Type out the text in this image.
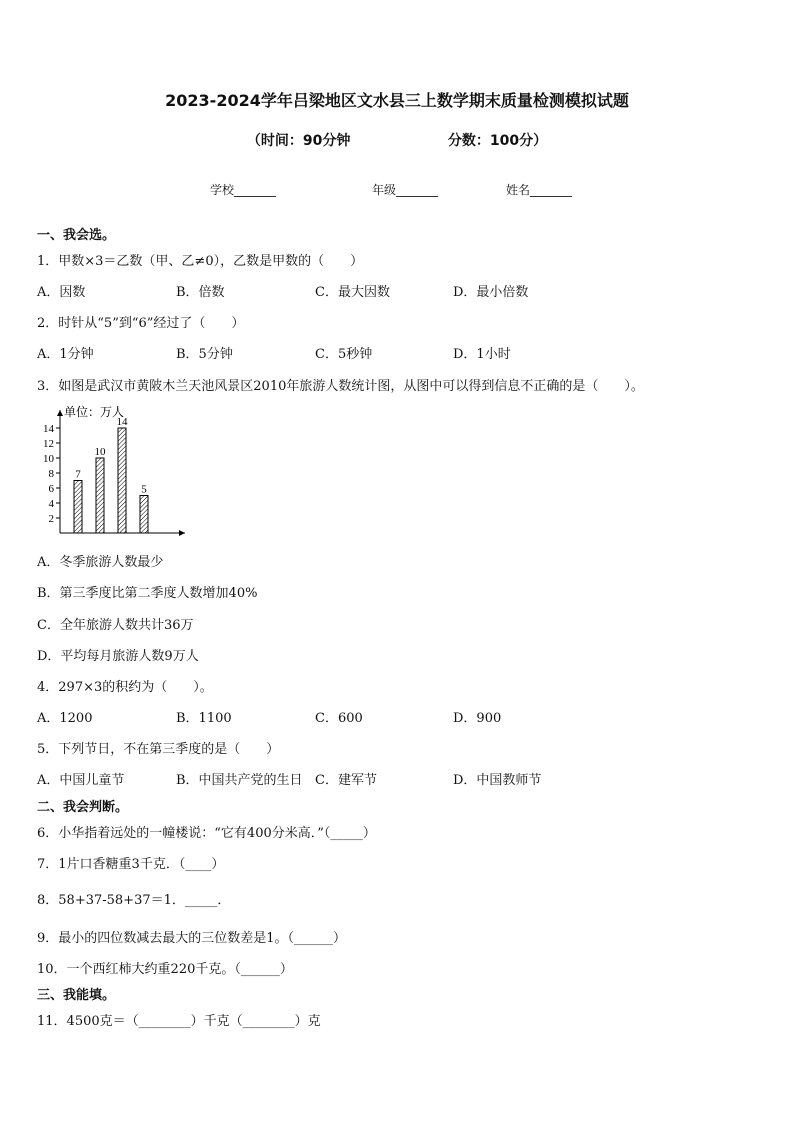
2023-2024学年吕梁地区文水县三上数学期末质量检测模拟试题
（时间：90分钟	分数：100分）
学校_______	年级_______	姓名_______
一、我会选。
1．甲数×3＝乙数（甲、乙≠0），乙数是甲数的（　　）
A．因数	B．倍数	C．最大因数	D．最小倍数
2．时针从“5”到“6”经过了（　　）
A．1分钟	B．5分钟	C．5秒钟	D．1小时
3．如图是武汉市黄陂木兰天池风景区2010年旅游人数统计图，从图中可以得到信息不正确的是（　　）。
单位：万人
2
4
6
8
10
12
14
7
10
14
5
A．冬季旅游人数最少
B．第三季度比第二季度人数增加40%
C．全年旅游人数共计36万
D．平均每月旅游人数9万人
4．297×3的积约为（　　）。
A．1200	B．1100	C．600	D．900
5．下列节日，不在第三季度的是（　　）
A．中国儿童节	B．中国共产党的生日 C．建军节	D．中国教师节
二、我会判断。
6．小华指着远处的一幢楼说：“它有400分米高．”（_____）
7．1片口香糖重3千克．（____）
8．58+37-58+37＝1．_____．
9．最小的四位数减去最大的三位数差是1。（______）
10．一个西红柿大约重220千克。（______）
三、我能填。
11．4500克＝（________）千克（________）克
